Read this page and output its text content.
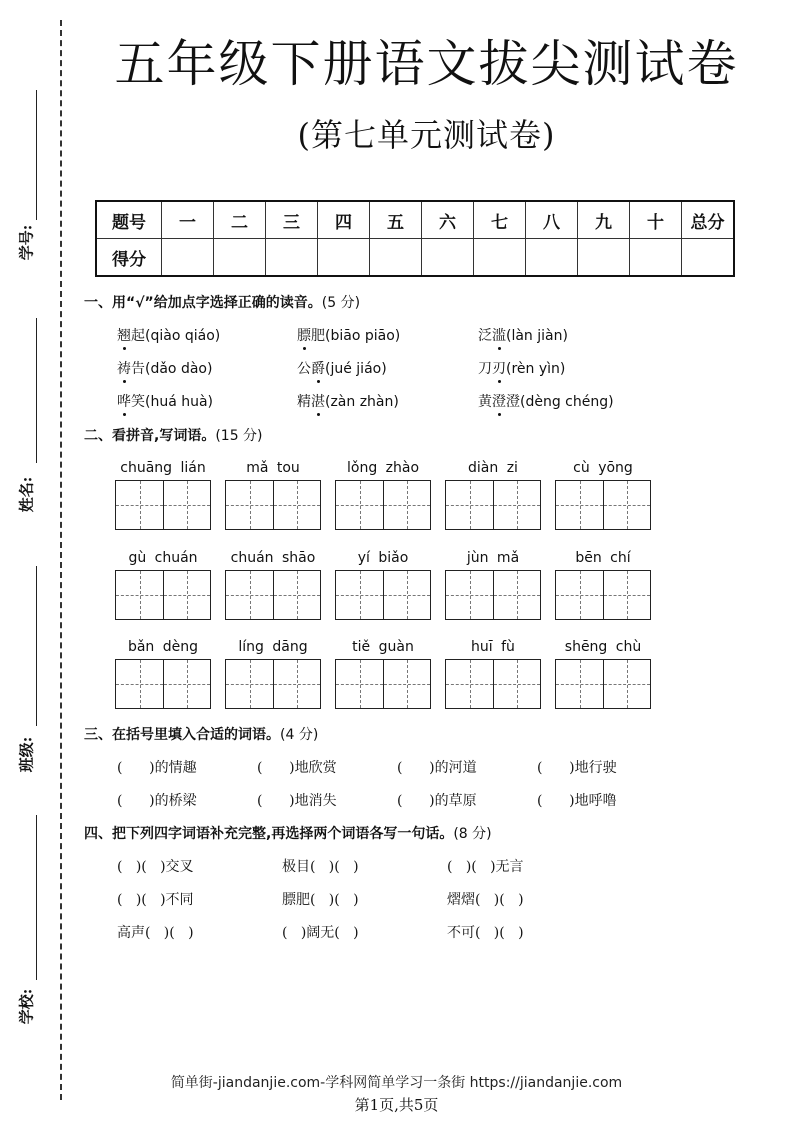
学号:
姓名:
班级:
学校:
五年级下册语文拔尖测试卷
(第七单元测试卷)
题号	一	二	三	四	五	六	七	八	九	十	总分
得分											
一、用“√”给加点字选择正确的读音。(5 分)
翘起(qiào qiáo)	膘肥(biāo piāo)	泛滥(làn jiàn)
祷告(dǎo dào)	公爵(jué jiáo)	刀刃(rèn yìn)
哗笑(huá huà)	精湛(zàn zhàn)	黄澄澄(dèng chéng)
二、看拼音,写词语。(15 分)
chuāng lián	mǎ tou	lǒng zhào	diàn zi	cù yōng
gù chuán	chuán shāo	yí biǎo	jùn mǎ	bēn chí
bǎn dèng	líng dāng	tiě guàn	huī fù	shēng chù
三、在括号里填入合适的词语。(4 分)
(      )的情趣	(      )地欣赏	(      )的河道	(      )地行驶
(      )的桥梁	(      )地消失	(      )的草原	(      )地呼噜
四、把下列四字词语补充完整,再选择两个词语各写一句话。(8 分)
(   )(   )交叉	极目(   )(   )	(   )(   )无言
(   )(   )不同	膘肥(   )(   )	熠熠(   )(   )
高声(   )(   )	(   )阔无(   )	不可(   )(   )
简单街-jiandanjie.com-学科网简单学习一条街 https://jiandanjie.com
第1页,共5页
